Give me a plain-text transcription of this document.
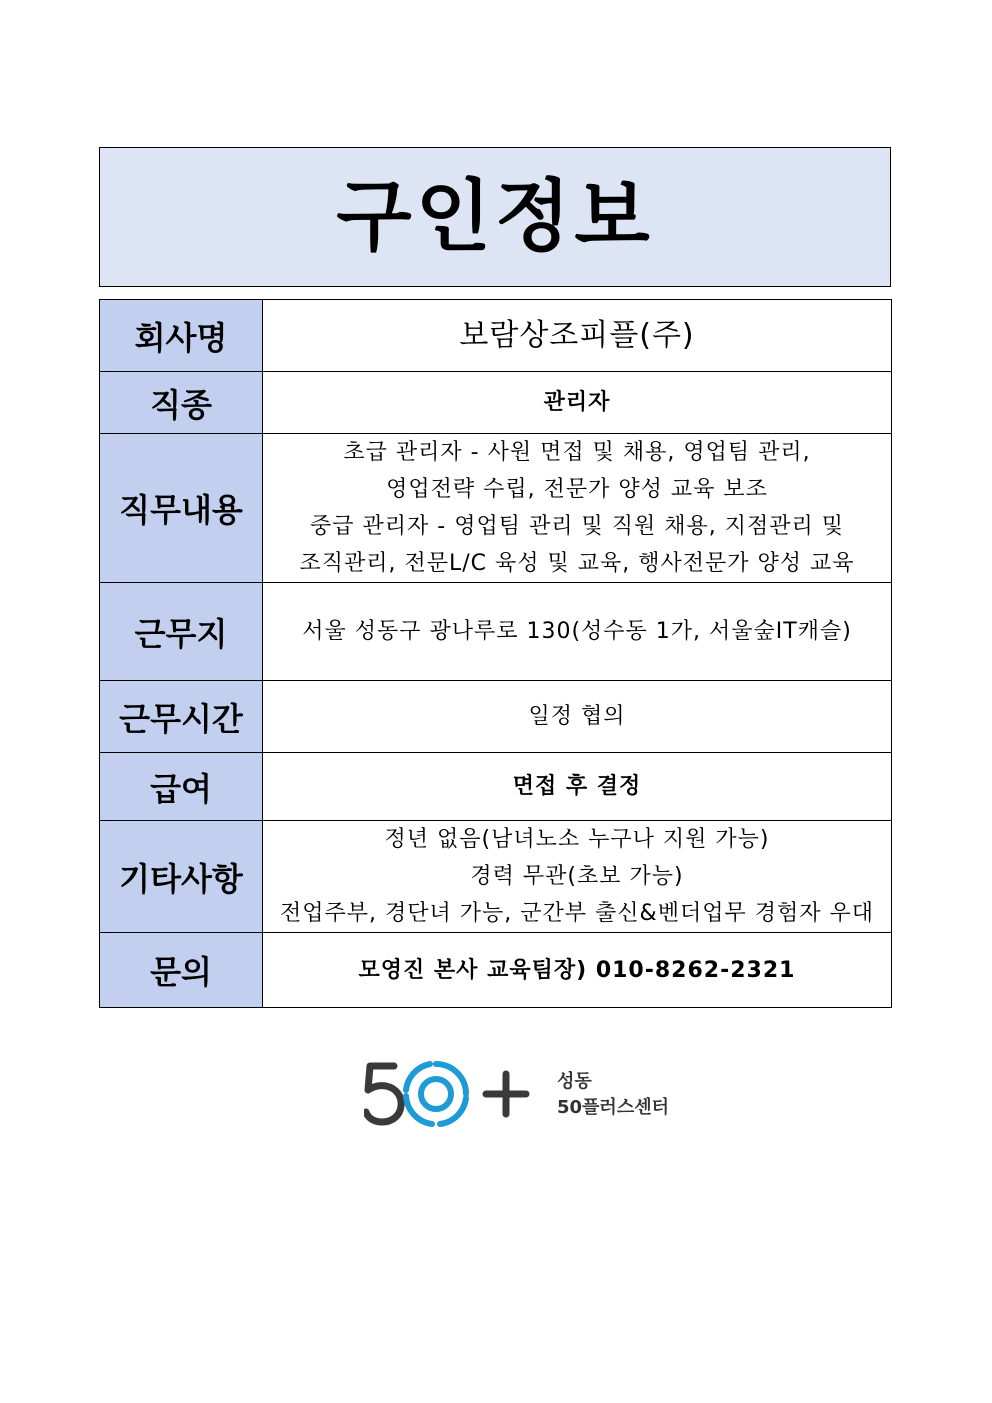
구인정보
회사명	보람상조피플(주)

직종	관리자

직무내용	초급 관리자 - 사원 면접 및 채용, 영업팀 관리,
영업전략 수립, 전문가 양성 교육 보조
중급 관리자 - 영업팀 관리 및 직원 채용, 지점관리 및
조직관리, 전문L/C 육성 및 교육, 행사전문가 양성 교육

근무지	서울 성동구 광나루로 130(성수동 1가, 서울숲IT캐슬)

근무시간	일정 협의

급여	면접 후 결정

기타사항	정년 없음(남녀노소 누구나 지원 가능)
경력 무관(초보 가능)
전업주부, 경단녀 가능, 군간부 출신&벤더업무 경험자 우대

문의	모영진 본사 교육팀장) 010-8262-2321
성동
50플러스센터
